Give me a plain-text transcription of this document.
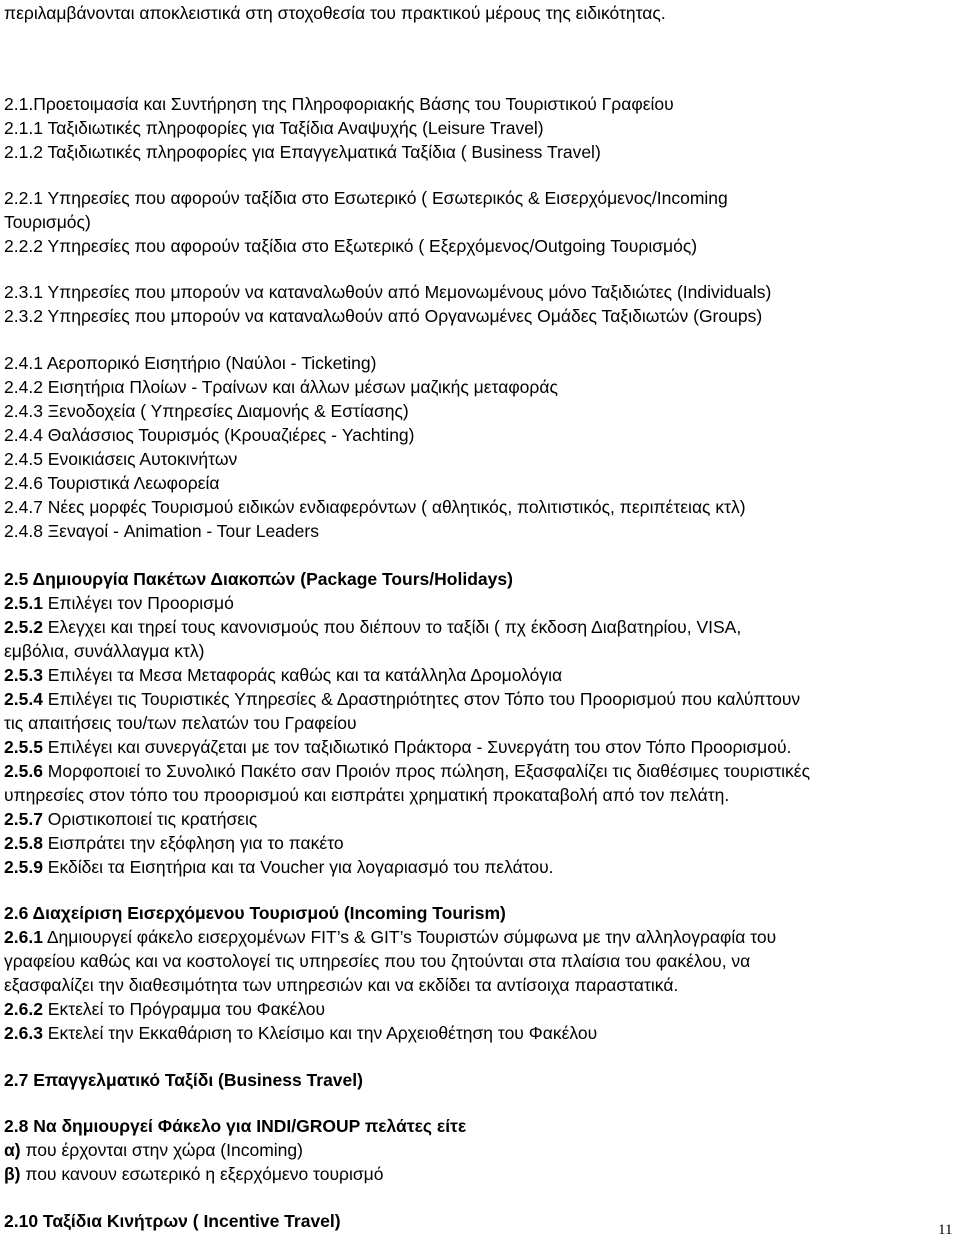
περιλαμβάνονται αποκλειστικά στη στοχοθεσία του πρακτικού μέρους της ειδικότητας.
2.1.Προετοιμασία και Συντήρηση της Πληροφοριακής Βάσης του Τουριστικού Γραφείου
2.1.1 Ταξιδιωτικές πληροφορίες για Ταξίδια Αναψυχής (Leisure Travel)
2.1.2 Ταξιδιωτικές πληροφορίες για Επαγγελματικά Ταξίδια ( Business Travel)
2.2.1 Υπηρεσίες που αφορούν ταξίδια στο Εσωτερικό ( Εσωτερικός & Εισερχόμενος/Incoming
Τουρισμός)
2.2.2 Υπηρεσίες που αφορούν ταξίδια στο Εξωτερικό ( Εξερχόμενος/Outgoing Τουρισμός)
2.3.1 Υπηρεσίες που μπορούν να καταναλωθούν από Μεμονωμένους μόνο Ταξιδιώτες (Individuals)
2.3.2 Υπηρεσίες που μπορούν να καταναλωθούν από Οργανωμένες Ομάδες Ταξιδιωτών (Groups)
2.4.1 Αεροπορικό Εισητήριο (Ναύλοι - Ticketing)
2.4.2 Εισητήρια Πλοίων - Τραίνων και άλλων μέσων μαζικής μεταφοράς
2.4.3 Ξενοδοχεία ( Υπηρεσίες Διαμονής & Εστίασης)
2.4.4 Θαλάσσιος Τουρισμός (Κρουαζιέρες - Yachting)
2.4.5 Ενοικιάσεις Αυτοκινήτων
2.4.6 Τουριστικά Λεωφορεία
2.4.7 Νέες μορφές Τουρισμού ειδικών ενδιαφερόντων ( αθλητικός, πολιτιστικός, περιπέτειας κτλ)
2.4.8 Ξεναγοί - Animation - Tour Leaders
2.5 Δημιουργία Πακέτων Διακοπών (Package Tours/Holidays)
2.5.1 Επιλέγει τον Προορισμό
2.5.2 Ελεγχει και τηρεί τους κανονισμούς που διέπουν το ταξίδι ( πχ έκδοση Διαβατηρίου, VISA,
εμβόλια, συνάλλαγμα κτλ)
2.5.3 Επιλέγει τα Μεσα Μεταφοράς καθώς και τα κατάλληλα Δρομολόγια
2.5.4 Επιλέγει τις Τουριστικές Υπηρεσίες & Δραστηριότητες στον Τόπο του Προορισμού που καλύπτουν
τις απαιτήσεις του/των πελατών του Γραφείου
2.5.5 Επιλέγει και συνεργάζεται με τον ταξιδιωτικό Πράκτορα - Συνεργάτη του στον Τόπο Προορισμού.
2.5.6 Μορφοποιεί το Συνολικό Πακέτο σαν Προιόν προς πώληση, Εξασφαλίζει τις διαθέσιμες τουριστικές
υπηρεσίες στον τόπο του προορισμού και εισπράτει χρηματική προκαταβολή από τον πελάτη.
2.5.7 Οριστικοποιεί τις κρατήσεις
2.5.8 Εισπράτει την εξόφληση για το πακέτο
2.5.9 Εκδίδει τα Εισητήρια και τα Voucher για λογαριασμό του πελάτου.
2.6 Διαχείριση Εισερχόμενου Τουρισμού (Incoming Tourism)
2.6.1 Δημιουργεί φάκελο εισερχομένων FIT’s & GIT’s Τουριστών σύμφωνα με την αλληλογραφία του
γραφείου καθώς και να κοστολογεί τις υπηρεσίες που του ζητούνται στα πλαίσια του φακέλου, να
εξασφαλίζει την διαθεσιμότητα των υπηρεσιών και να εκδίδει τα αντίσοιχα παραστατικά.
2.6.2 Εκτελεί το Πρόγραμμα του Φακέλου
2.6.3 Εκτελεί την Εκκαθάριση το Κλείσιμο και την Αρχειοθέτηση του Φακέλου
2.7 Επαγγελματικό Ταξίδι (Business Travel)
2.8 Να δημιουργεί Φάκελο για INDI/GROUP πελάτες είτε
α) που έρχονται στην χώρα (Incoming)
β) που κανουν εσωτερικό η εξερχόμενο τουρισμό
2.10 Ταξίδια Κινήτρων ( Incentive Travel)	11
